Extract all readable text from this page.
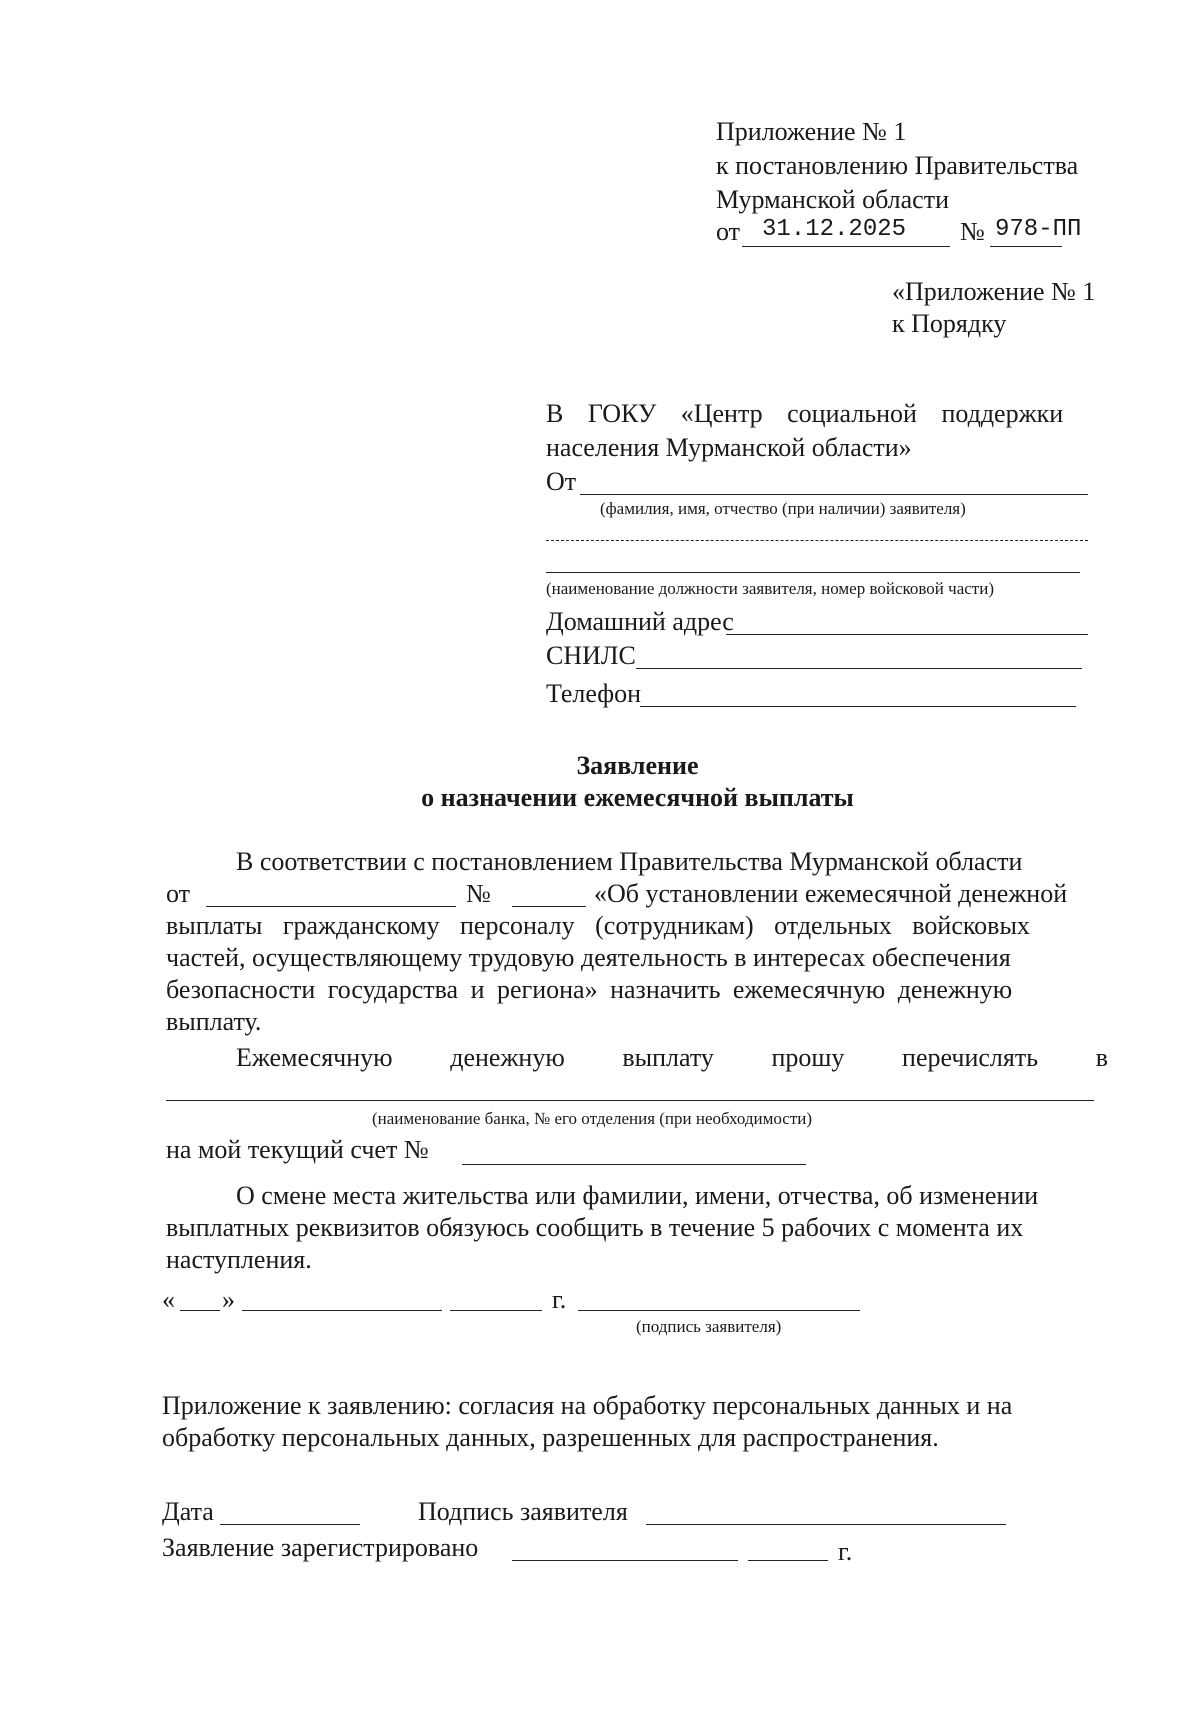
Приложение № 1
к постановлению Правительства
Мурманской области
от 31.12.2025 № 978-ПП
«Приложение № 1
к Порядку
В ГОКУ «Центр социальной поддержки
населения Мурманской области»
От
(фамилия, имя, отчество (при наличии) заявителя)
(наименование должности заявителя, номер войсковой части)
Домашний адрес
СНИЛС
Телефон
Заявление
о назначении ежемесячной выплаты
В соответствии с постановлением Правительства Мурманской области
от	№	«Об установлении ежемесячной денежной
выплаты гражданскому персоналу (сотрудникам) отдельных войсковых
частей, осуществляющему трудовую деятельность в интересах обеспечения
безопасности государства и региона» назначить ежемесячную денежную
выплату.
Ежемесячную денежную выплату прошу перечислять в
(наименование банка, № его отделения (при необходимости)
на мой текущий счет №
О смене места жительства или фамилии, имени, отчества, об изменении
выплатных реквизитов обязуюсь сообщить в течение 5 рабочих с момента их
наступления.
« »	г.
(подпись заявителя)
Приложение к заявлению: согласия на обработку персональных данных и на
обработку персональных данных, разрешенных для распространения.
Дата	Подпись заявителя
Заявление зарегистрировано	г.
